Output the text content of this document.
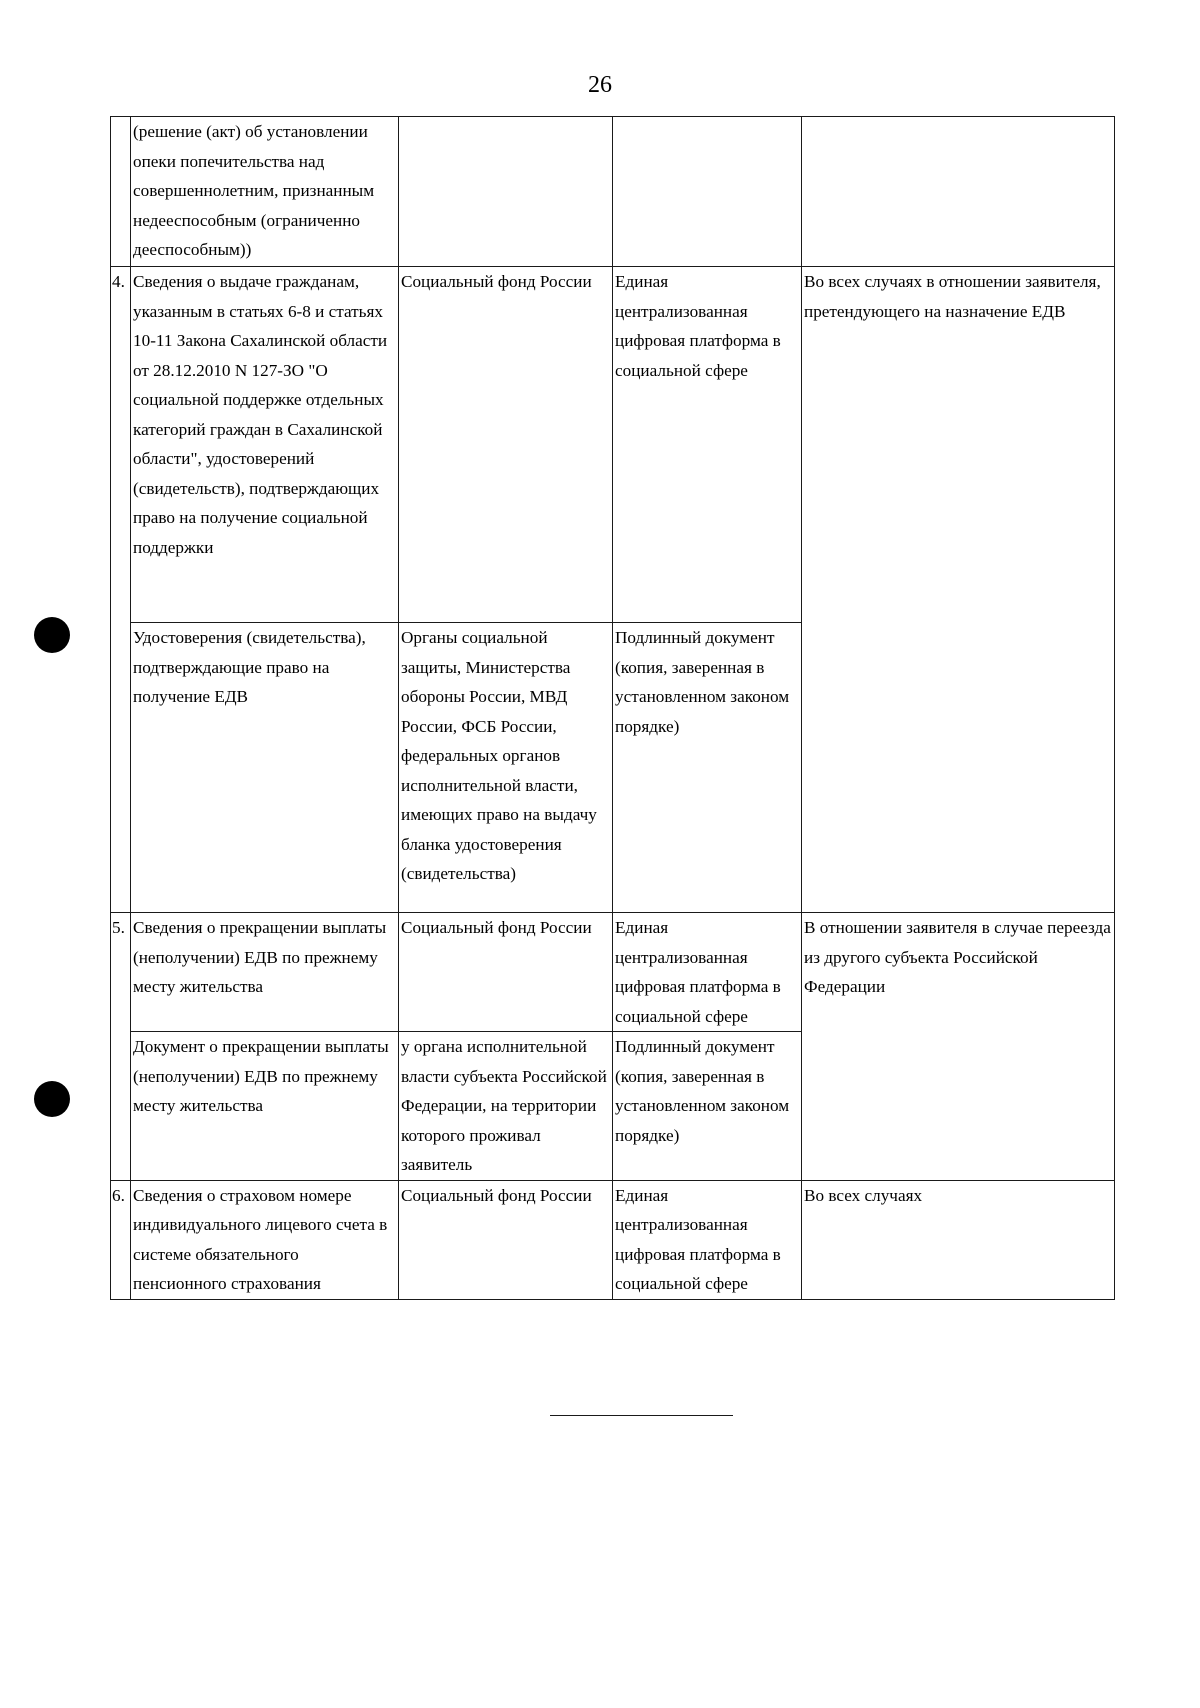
26
	(решение (акт) об установлении опеки попечительства над совершеннолетним, признанным недееспособным (ограниченно дееспособным))			
4.	Сведения о выдаче гражданам, указанным в статьях 6-8 и статьях 10-11 Закона Сахалинской области от 28.12.2010 N 127-ЗО "О социальной поддержке отдельных категорий граждан в Сахалинской области", удостоверений (свидетельств), подтверждающих право на получение социальной поддержки	Социальный фонд России	Единая централизованная цифровая платформа в социальной сфере	Во всех случаях в отношении заявителя, претендующего на назначение ЕДВ
	Удостоверения (свидетельства), подтверждающие право на получение ЕДВ	Органы социальной защиты, Министерства обороны России, МВД России, ФСБ России, федеральных органов исполнительной власти, имеющих право на выдачу бланка удостоверения (свидетельства)	Подлинный документ (копия, заверенная в установленном законом порядке)	
5.	Сведения о прекращении выплаты (неполучении) ЕДВ по прежнему месту жительства	Социальный фонд России	Единая централизованная цифровая платформа в социальной сфере	В отношении заявителя в случае переезда из другого субъекта Российской Федерации
	Документ о прекращении выплаты (неполучении) ЕДВ по прежнему месту жительства	у органа исполнительной власти субъекта Российской Федерации, на территории которого проживал заявитель	Подлинный документ (копия, заверенная в установленном законом порядке)	
6.	Сведения о страховом номере индивидуального лицевого счета в системе обязательного пенсионного страхования	Социальный фонд России	Единая централизованная цифровая платформа в социальной сфере	Во всех случаях
